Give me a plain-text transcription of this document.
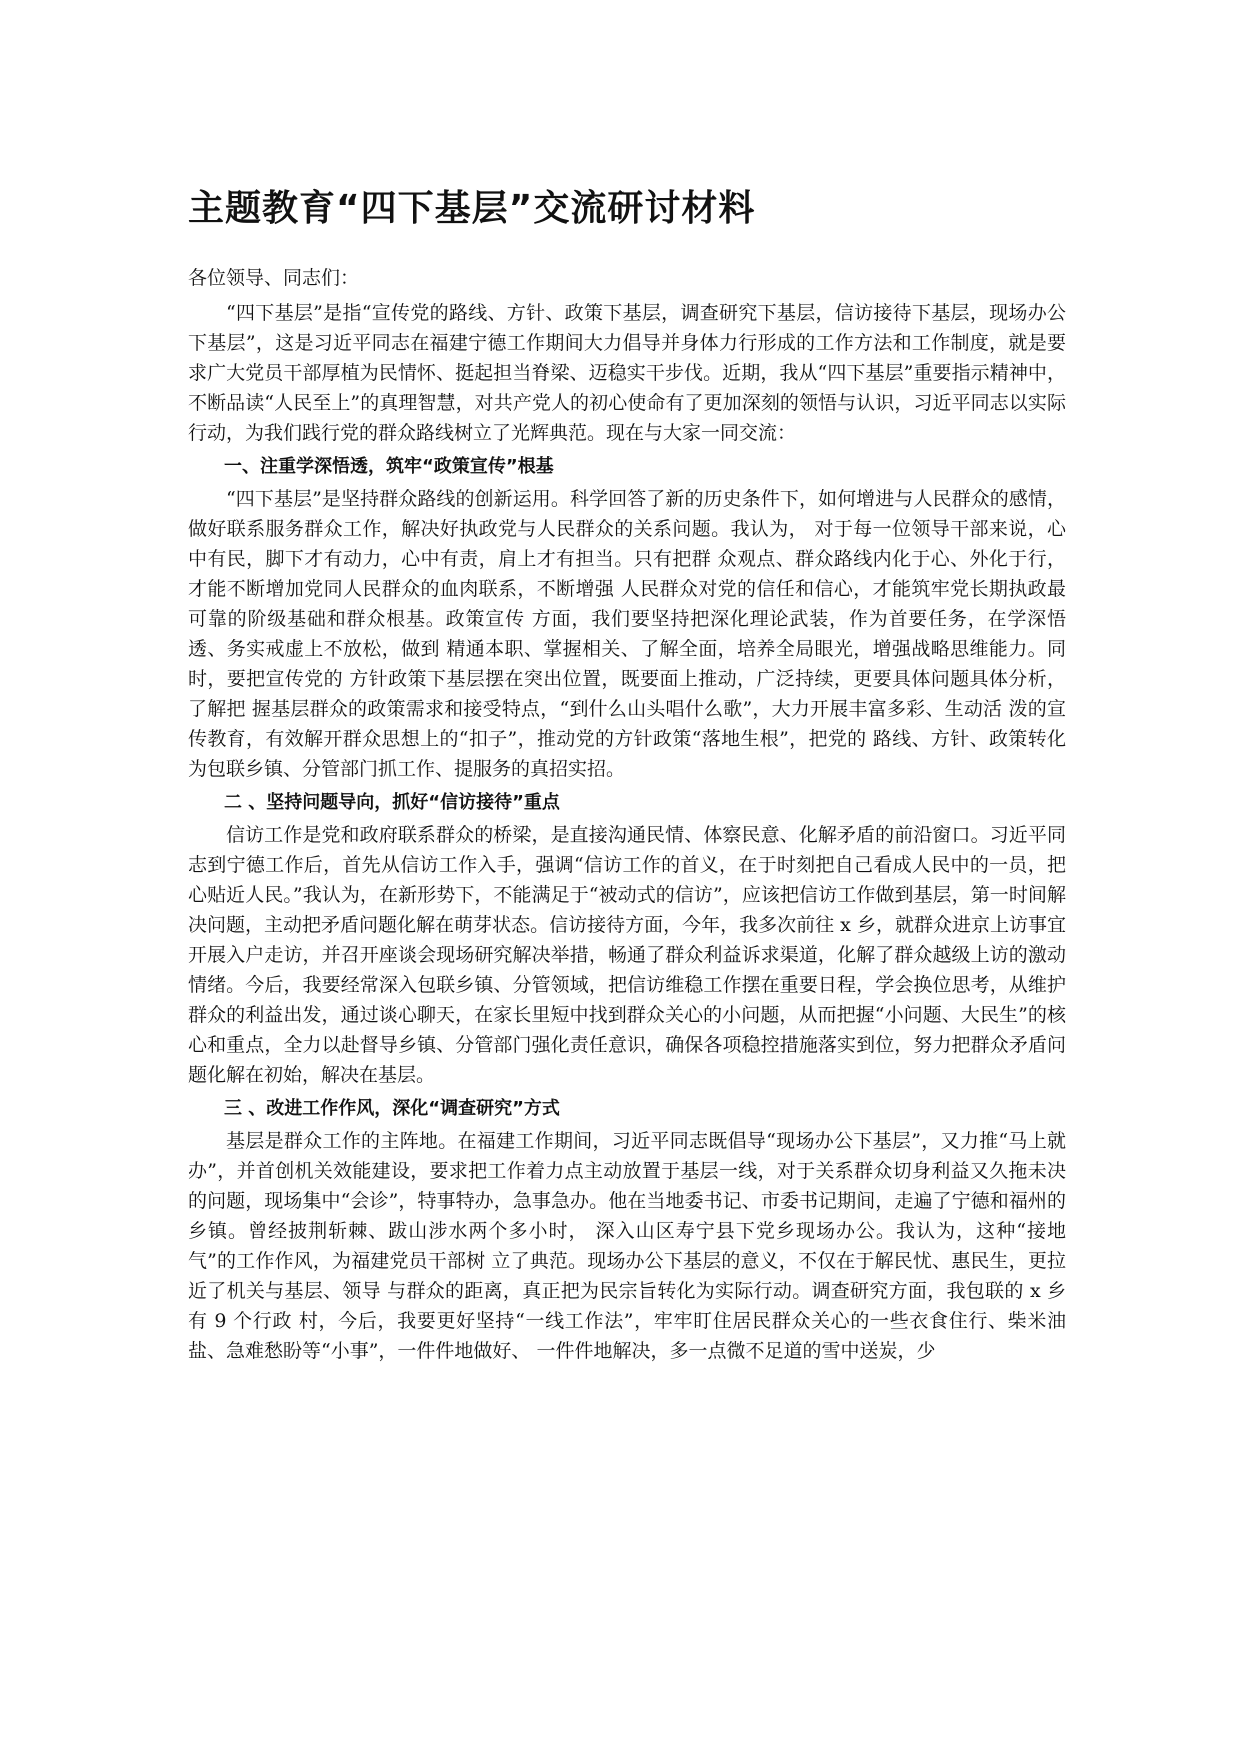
主题教育“四下基层”交流研讨材料

各位领导、同志们：

“四下基层”是指“宣传党的路线、方针、政策下基层，调查研究下基层，信访接待下基层，现场办公下基层”，这是习近平同志在福建宁德工作期间大力倡导并身体力行形成的工作方法和工作制度，就是要求广大党员干部厚植为民情怀、挺起担当脊梁、迈稳实干步伐。近期，我从“四下基层”重要指示精神中，不断品读“人民至上”的真理智慧，对共产党人的初心使命有了更加深刻的领悟与认识，习近平同志以实际行动，为我们践行党的群众路线树立了光辉典范。现在与大家一同交流：

一、注重学深悟透，筑牢“政策宣传”根基

“四下基层”是坚持群众路线的创新运用。科学回答了新的历史条件下，如何增进与人民群众的感情，做好联系服务群众工作，解决好执政党与人民群众的关系问题。我认为， 对于每一位领导干部来说，心中有民，脚下才有动力，心中有责，肩上才有担当。只有把群 众观点、群众路线内化于心、外化于行，才能不断增加党同人民群众的血肉联系，不断增强 人民群众对党的信任和信心，才能筑牢党长期执政最可靠的阶级基础和群众根基。政策宣传 方面，我们要坚持把深化理论武装，作为首要任务，在学深悟透、务实戒虚上不放松，做到 精通本职、掌握相关、了解全面，培养全局眼光，增强战略思维能力。同时，要把宣传党的 方针政策下基层摆在突出位置，既要面上推动，广泛持续，更要具体问题具体分析，了解把 握基层群众的政策需求和接受特点，“到什么山头唱什么歌”，大力开展丰富多彩、生动活 泼的宣传教育，有效解开群众思想上的“扣子”，推动党的方针政策“落地生根”，把党的 路线、方针、政策转化为包联乡镇、分管部门抓工作、提服务的真招实招。

二 、坚持问题导向，抓好“信访接待”重点

信访工作是党和政府联系群众的桥梁，是直接沟通民情、体察民意、化解矛盾的前沿窗口。习近平同志到宁德工作后，首先从信访工作入手，强调“信访工作的首义，在于时刻把自己看成人民中的一员，把心贴近人民。”我认为，在新形势下，不能满足于“被动式的信访”，应该把信访工作做到基层，第一时间解决问题，主动把矛盾问题化解在萌芽状态。信访接待方面，今年，我多次前往 x 乡，就群众进京上访事宜开展入户走访，并召开座谈会现场研究解决举措，畅通了群众利益诉求渠道，化解了群众越级上访的激动情绪。今后，我要经常深入包联乡镇、分管领域，把信访维稳工作摆在重要日程，学会换位思考，从维护群众的利益出发，通过谈心聊天，在家长里短中找到群众关心的小问题，从而把握“小问题、大民生”的核心和重点，全力以赴督导乡镇、分管部门强化责任意识，确保各项稳控措施落实到位，努力把群众矛盾问题化解在初始，解决在基层。

三 、改进工作作风，深化“调查研究”方式

基层是群众工作的主阵地。在福建工作期间，习近平同志既倡导“现场办公下基层”，又力推“马上就办”，并首创机关效能建设，要求把工作着力点主动放置于基层一线，对于关系群众切身利益又久拖未决的问题，现场集中“会诊”，特事特办，急事急办。他在当地委书记、市委书记期间，走遍了宁德和福州的乡镇。曾经披荆斩棘、跋山涉水两个多小时， 深入山区寿宁县下党乡现场办公。我认为，这种“接地气”的工作作风，为福建党员干部树 立了典范。现场办公下基层的意义，不仅在于解民忧、惠民生，更拉近了机关与基层、领导 与群众的距离，真正把为民宗旨转化为实际行动。调查研究方面，我包联的 x 乡有 9 个行政 村，今后，我要更好坚持“一线工作法”，牢牢盯住居民群众关心的一些衣食住行、柴米油 盐、急难愁盼等“小事”，一件件地做好、 一件件地解决，多一点微不足道的雪中送炭，少
